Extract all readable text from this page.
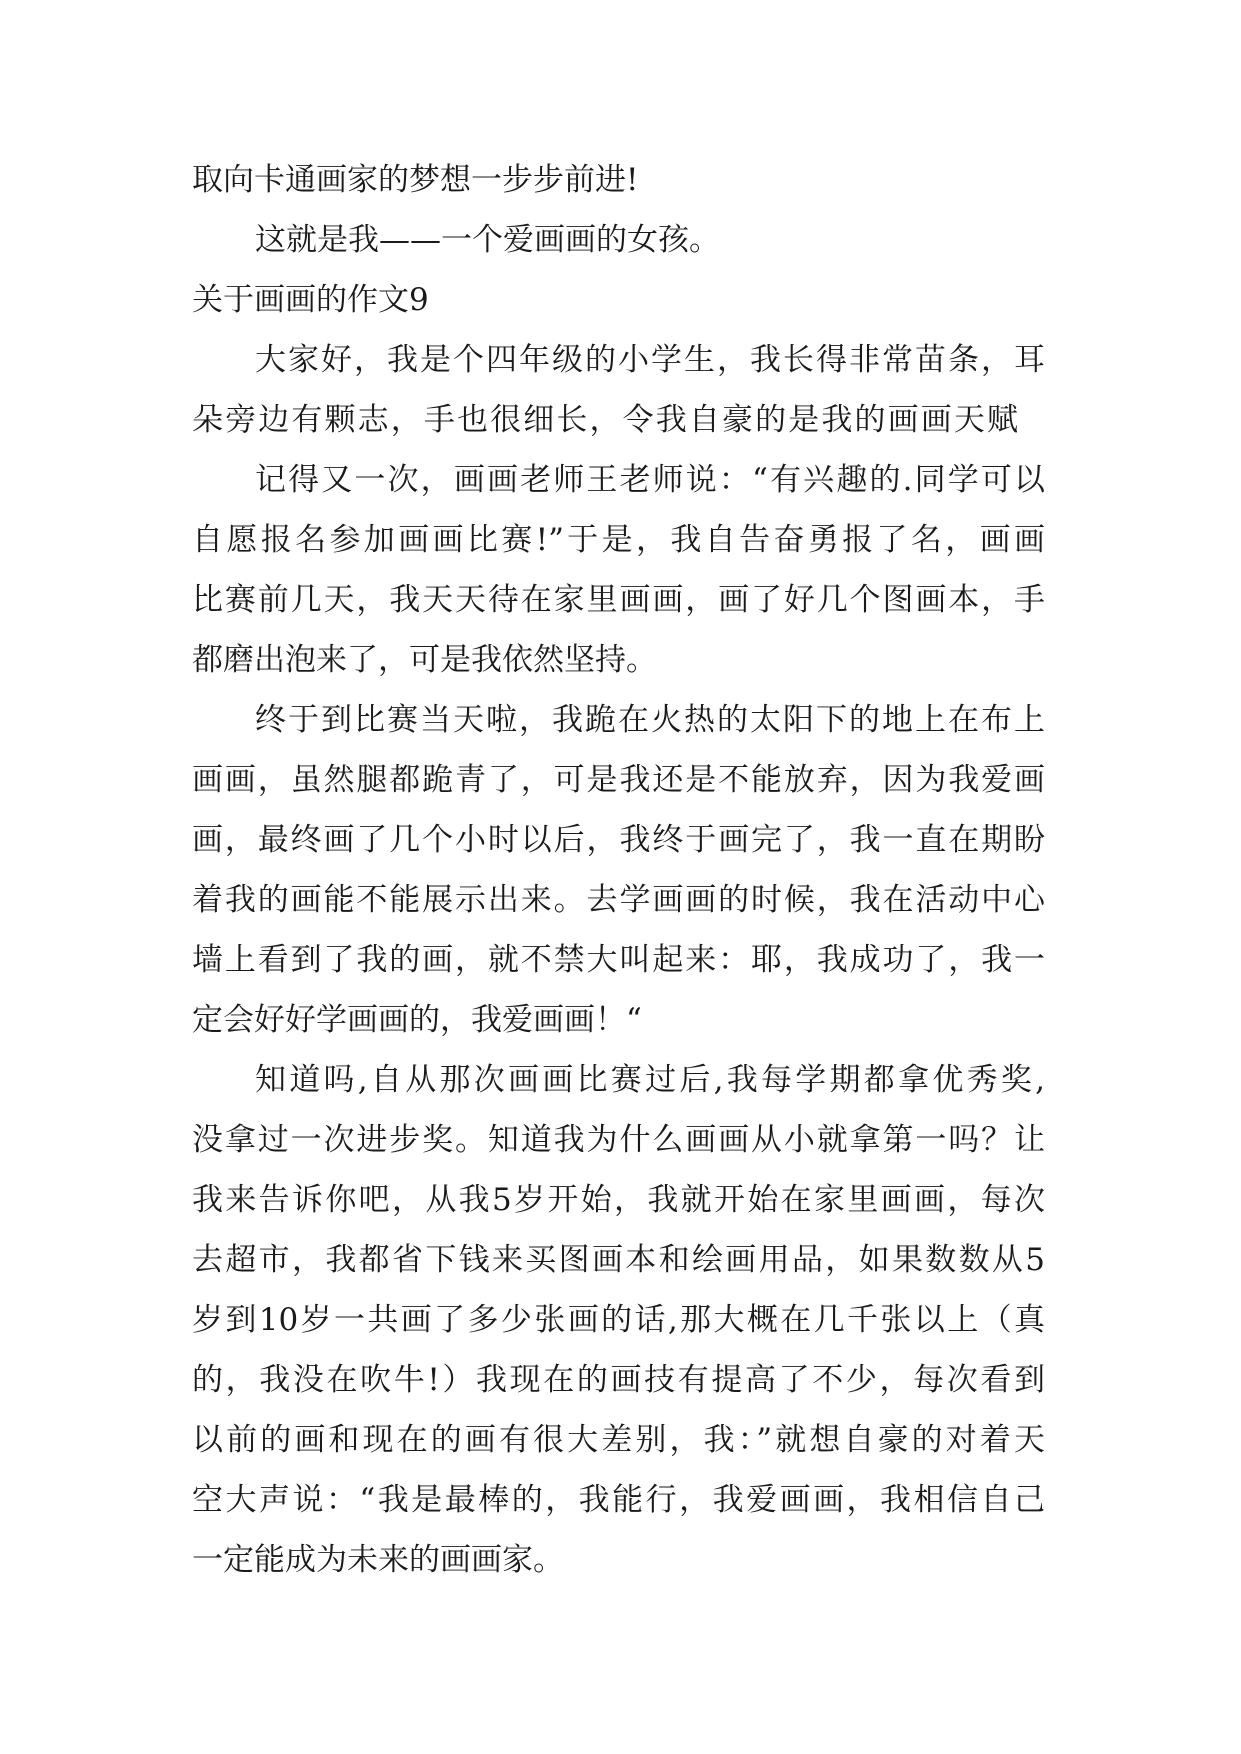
取向卡通画家的梦想一步步前进!
这就是我——一个爱画画的女孩。
关于画画的作文9
大家好，我是个四年级的小学生，我长得非常苗条，耳
朵旁边有颗志，手也很细长，令我自豪的是我的画画天赋
记得又一次，画画老师王老师说：“有兴趣的.同学可以
自愿报名参加画画比赛!”于是，我自告奋勇报了名，画画
比赛前几天，我天天待在家里画画，画了好几个图画本，手
都磨出泡来了，可是我依然坚持。
终于到比赛当天啦，我跪在火热的太阳下的地上在布上
画画，虽然腿都跪青了，可是我还是不能放弃，因为我爱画
画，最终画了几个小时以后，我终于画完了，我一直在期盼
着我的画能不能展示出来。去学画画的时候，我在活动中心
墙上看到了我的画，就不禁大叫起来：耶，我成功了，我一
定会好好学画画的，我爱画画！“
知道吗,自从那次画画比赛过后,我每学期都拿优秀奖,
没拿过一次进步奖。知道我为什么画画从小就拿第一吗？让
我来告诉你吧，从我5岁开始，我就开始在家里画画，每次
去超市，我都省下钱来买图画本和绘画用品，如果数数从5
岁到10岁一共画了多少张画的话,那大概在几千张以上（真
的，我没在吹牛!）我现在的画技有提高了不少，每次看到
以前的画和现在的画有很大差别，我：”就想自豪的对着天
空大声说：“我是最棒的，我能行，我爱画画，我相信自己
一定能成为未来的画画家。
